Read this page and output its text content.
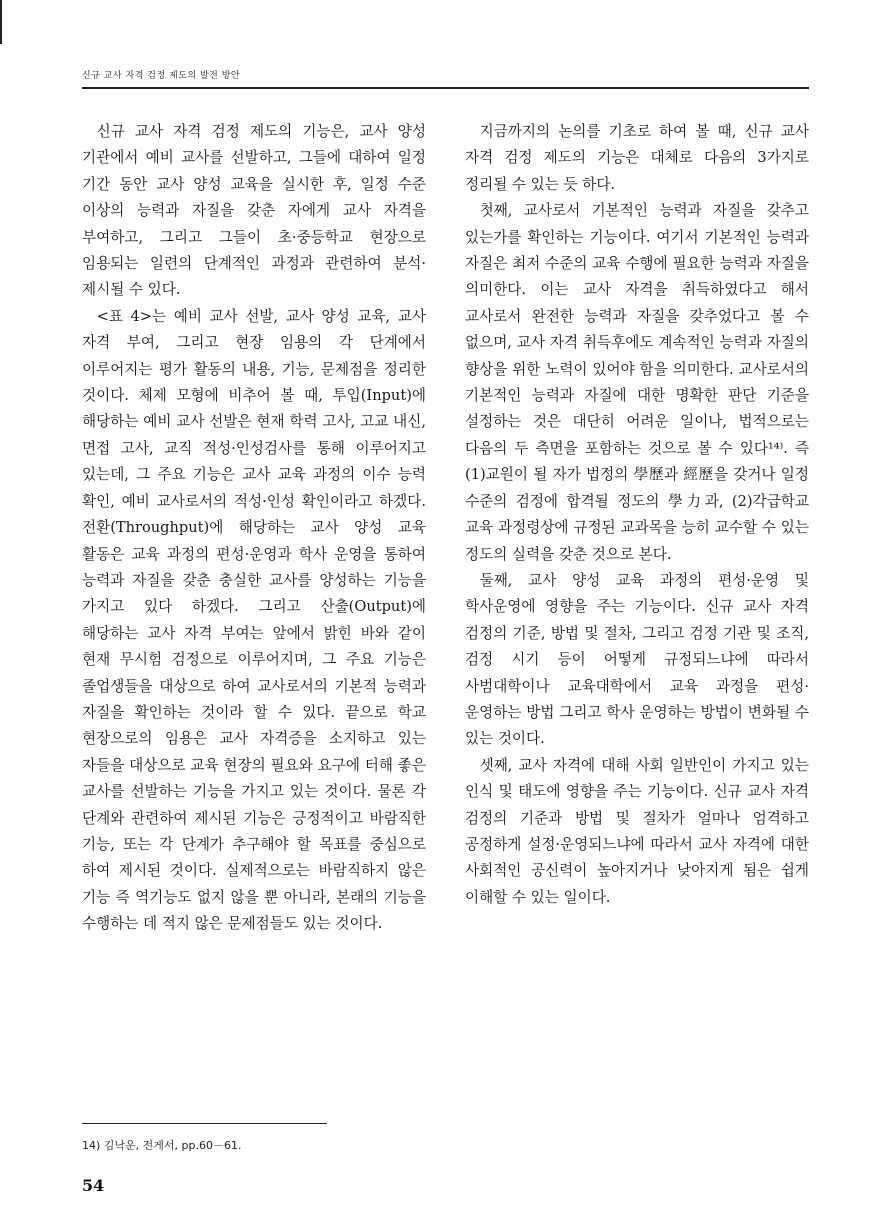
신규 교사 자격 검정 제도의 발전 방안

신규 교사 자격 검정 제도의 기능은, 교사 양성 기관에서 예비 교사를 선발하고, 그들에 대하여 일정 기간 동안 교사 양성 교육을 실시한 후, 일정 수준 이상의 능력과 자질을 갖춘 자에게 교사 자격을 부여하고, 그리고 그들이 초·중등학교 현장으로 임용되는 일련의 단계적인 과정과 관련하여 분석·제시될 수 있다.

<표 4>는 예비 교사 선발, 교사 양성 교육, 교사 자격 부여, 그리고 현장 임용의 각 단계에서 이루어지는 평가 활동의 내용, 기능, 문제점을 정리한 것이다. 체제 모형에 비추어 볼 때, 투입(Input)에 해당하는 예비 교사 선발은 현재 학력 고사, 고교 내신, 면접 고사, 교직 적성·인성검사를 통해 이루어지고 있는데, 그 주요 기능은 교사 교육 과정의 이수 능력 확인, 예비 교사로서의 적성·인성 확인이라고 하겠다. 전환(Throughput)에 해당하는 교사 양성 교육 활동은 교육 과정의 편성·운영과 학사 운영을 통하여 능력과 자질을 갖춘 충실한 교사를 양성하는 기능을 가지고 있다 하겠다. 그리고 산출(Output)에 해당하는 교사 자격 부여는 앞에서 밝힌 바와 같이 현재 무시험 검정으로 이루어지며, 그 주요 기능은 졸업생들을 대상으로 하여 교사로서의 기본적 능력과 자질을 확인하는 것이라 할 수 있다. 끝으로 학교 현장으로의 임용은 교사 자격증을 소지하고 있는 자들을 대상으로 교육 현장의 필요와 요구에 터해 좋은 교사를 선발하는 기능을 가지고 있는 것이다. 물론 각 단계와 관련하여 제시된 기능은 긍정적이고 바람직한 기능, 또는 각 단계가 추구해야 할 목표를 중심으로 하여 제시된 것이다. 실제적으로는 바람직하지 않은 기능 즉 역기능도 없지 않을 뿐 아니라, 본래의 기능을 수행하는 데 적지 않은 문제점들도 있는 것이다.

지금까지의 논의를 기초로 하여 볼 때, 신규 교사 자격 검정 제도의 기능은 대체로 다음의 3가지로 정리될 수 있는 듯 하다.

첫째, 교사로서 기본적인 능력과 자질을 갖추고 있는가를 확인하는 기능이다. 여기서 기본적인 능력과 자질은 최저 수준의 교육 수행에 필요한 능력과 자질을 의미한다. 이는 교사 자격을 취득하였다고 해서 교사로서 완전한 능력과 자질을 갖추었다고 볼 수 없으며, 교사 자격 취득후에도 계속적인 능력과 자질의 향상을 위한 노력이 있어야 함을 의미한다. 교사로서의 기본적인 능력과 자질에 대한 명확한 판단 기준을 설정하는 것은 대단히 어려운 일이나, 법적으로는 다음의 두 측면을 포함하는 것으로 볼 수 있다¹⁴⁾. 즉 (1)교원이 될 자가 법정의 學歷과 經歷을 갖거나 일정 수준의 검정에 합격될 정도의 學力과, (2)각급학교 교육 과정령상에 규정된 교과목을 능히 교수할 수 있는 정도의 실력을 갖춘 것으로 본다.

둘째, 교사 양성 교육 과정의 편성·운영 및 학사운영에 영향을 주는 기능이다. 신규 교사 자격 검정의 기준, 방법 및 절차, 그리고 검정 기관 및 조직, 검정 시기 등이 어떻게 규정되느냐에 따라서 사범대학이나 교육대학에서 교육 과정을 편성·운영하는 방법 그리고 학사 운영하는 방법이 변화될 수 있는 것이다.

셋째, 교사 자격에 대해 사회 일반인이 가지고 있는 인식 및 태도에 영향을 주는 기능이다. 신규 교사 자격 검정의 기준과 방법 및 절차가 얼마나 엄격하고 공정하게 설정·운영되느냐에 따라서 교사 자격에 대한 사회적인 공신력이 높아지거나 낮아지게 됨은 쉽게 이해할 수 있는 일이다.

14) 김낙운, 전게서, pp.60－61.
54
